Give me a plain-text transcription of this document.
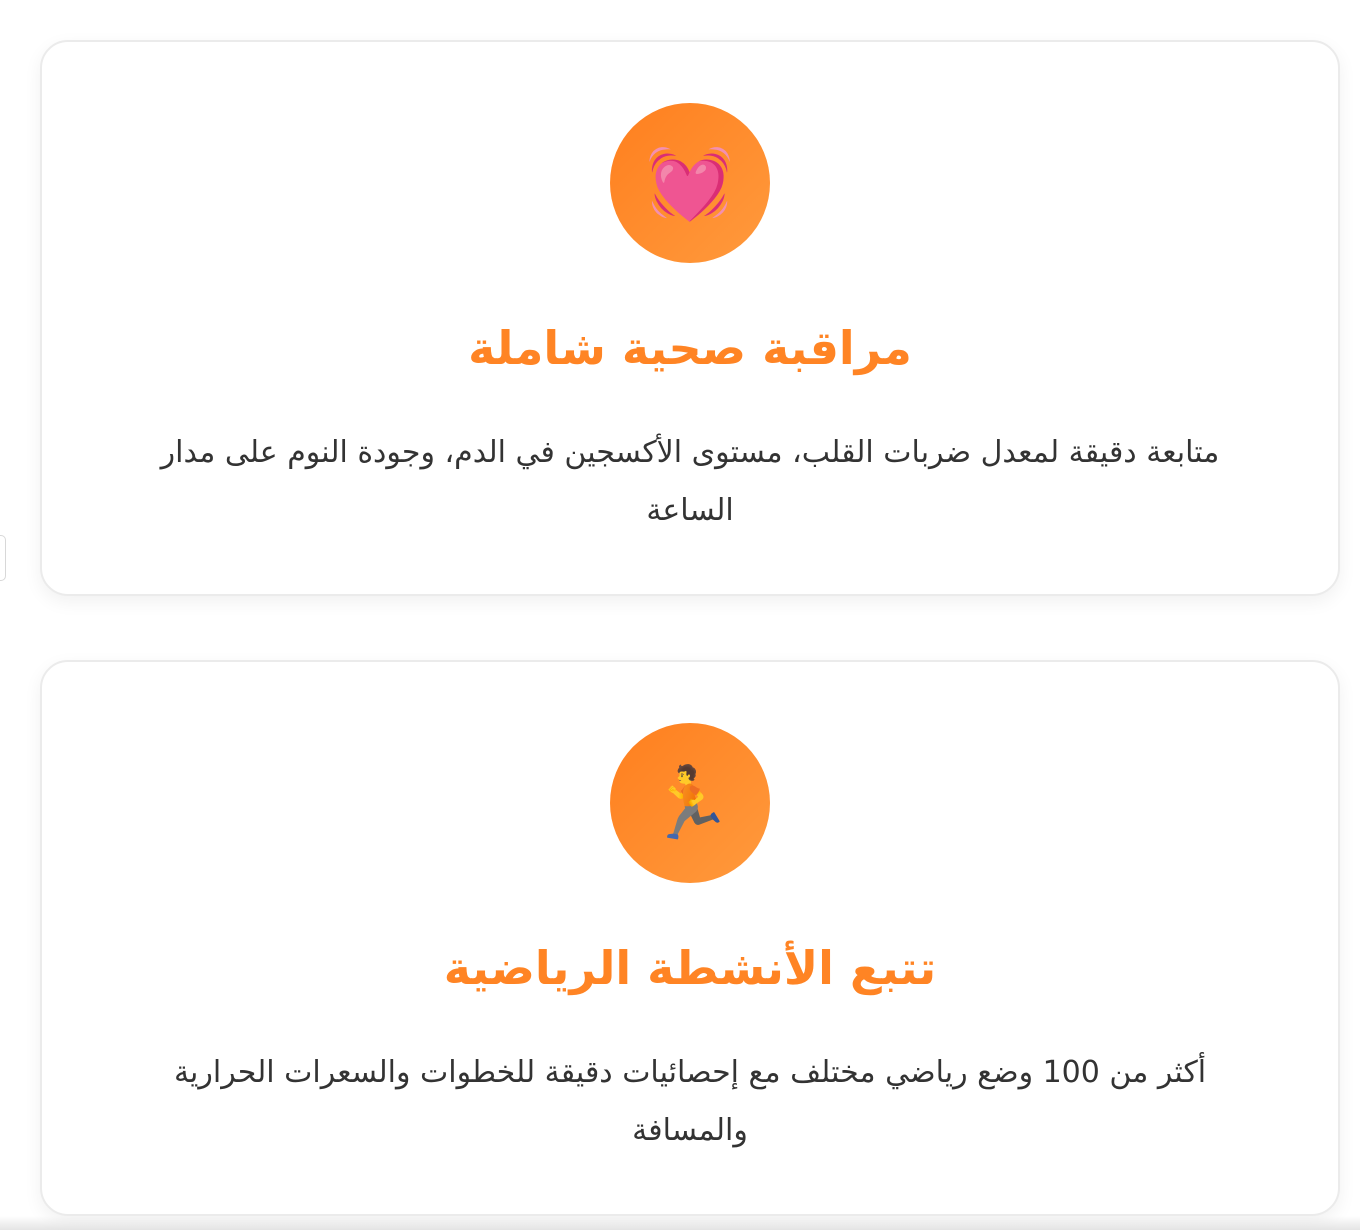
💓
مراقبة صحية شاملة

متابعة دقيقة لمعدل ضربات القلب، مستوى الأكسجين في الدم، وجودة النوم على مدار الساعة

🏃
تتبع الأنشطة الرياضية

أكثر من 100 وضع رياضي مختلف مع إحصائيات دقيقة للخطوات والسعرات الحرارية والمسافة
